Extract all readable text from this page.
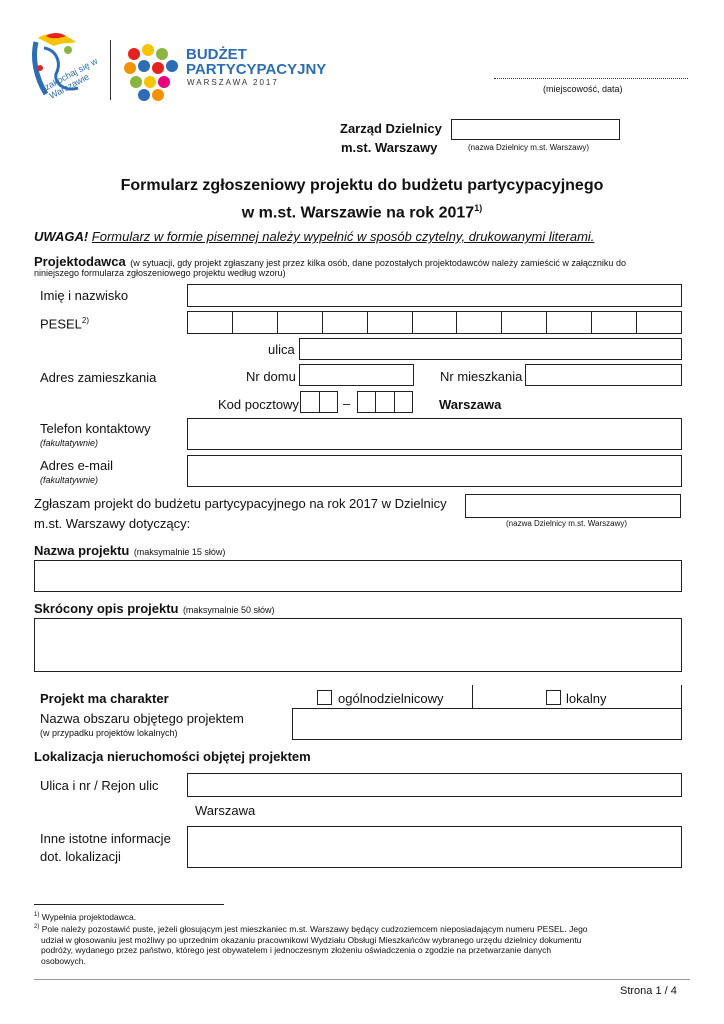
zakochaj się w Warszawie
BUDŻET
PARTYCYPACYJNY
WARSZAWA 2017
(miejscowość, data)
Zarząd Dzielnicy
m.st. Warszawy	(nazwa Dzielnicy m.st. Warszawy)
Formularz zgłoszeniowy projektu do budżetu partycypacyjnego
w m.st. Warszawie na rok 2017$^{1)}$
UWAGA! Formularz w formie pisemnej należy wypełnić w sposób czytelny, drukowanymi literami.
Projektodawca (w sytuacji, gdy projekt zgłaszany jest przez kilka osób, dane pozostałych projektodawców należy zamieścić w załączniku do
niniejszego formularza zgłoszeniowego projektu według wzoru)
Imię i nazwisko
PESEL$^{2)}$
ulica
Adres zamieszkania	Nr domu	Nr mieszkania
Kod pocztowy	–	Warszawa
Telefon kontaktowy
(fakultatywnie)
Adres e-mail
(fakultatywnie)
Zgłaszam projekt do budżetu partycypacyjnego na rok 2017 w Dzielnicy
m.st. Warszawy dotyczący:	(nazwa Dzielnicy m.st. Warszawy)
Nazwa projektu (maksymalnie 15 słów)
Skrócony opis projektu (maksymalnie 50 słów)
Projekt ma charakter	ogólnodzielnicowy	lokalny
Nazwa obszaru objętego projektem
(w przypadku projektów lokalnych)
Lokalizacja nieruchomości objętej projektem
Ulica i nr / Rejon ulic
Warszawa
Inne istotne informacje
dot. lokalizacji
$^{1)}$ Wypełnia projektodawca.
$^{2)}$ Pole należy pozostawić puste, jeżeli głosującym jest mieszkaniec m.st. Warszawy będący cudzoziemcem nieposiadającym numeru PESEL. Jego
udział w głosowaniu jest możliwy po uprzednim okazaniu pracownikowi Wydziału Obsługi Mieszkańców wybranego urzędu dzielnicy dokumentu
podróży, wydanego przez państwo, którego jest obywatelem i jednoczesnym złożeniu oświadczenia o zgodzie na przetwarzanie danych
osobowych.
Strona 1 / 4
